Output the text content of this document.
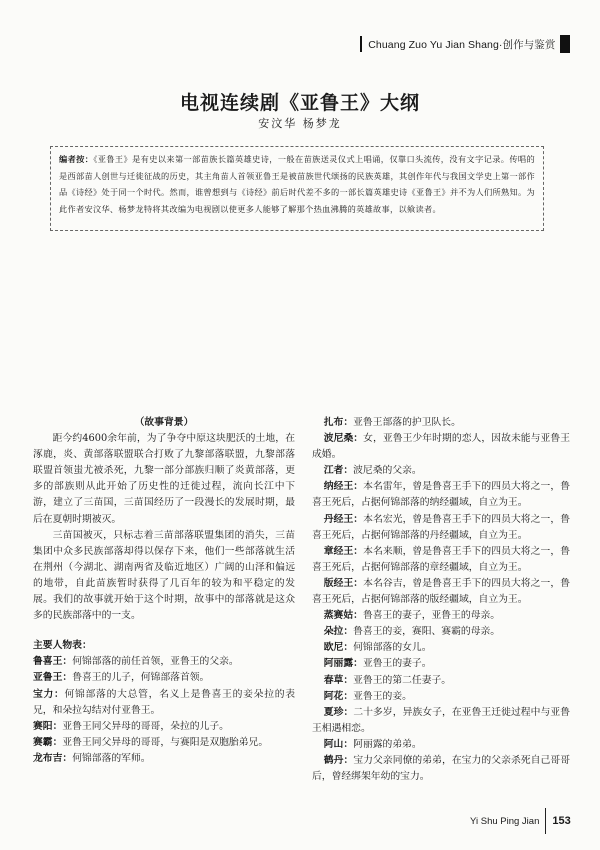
Chuang Zuo Yu Jian Shang·创作与鉴赏
电视连续剧《亚鲁王》大纲
安汶华 杨梦龙

编者按：《亚鲁王》是有史以来第一部苗族长篇英雄史诗，一般在苗族送灵仪式上唱诵，仅靠口头流传，没有文字记录。传唱的是西部苗人创世与迁徙征战的历史，其主角苗人首领亚鲁王是被苗族世代颂扬的民族英雄，其创作年代与我国文学史上第一部作品《诗经》处于同一个时代。然而，谁曾想到与《诗经》前后时代差不多的一部长篇英雄史诗《亚鲁王》并不为人们所熟知。为此作者安汶华、杨梦龙特将其改编为电视剧以使更多人能够了解那个热血沸腾的英雄故事，以飨读者。

（故事背景）

距今约4600余年前，为了争夺中原这块肥沃的土地，在涿鹿，炎、黄部落联盟联合打败了九黎部落联盟，九黎部落联盟首领蚩尤被杀死，九黎一部分部族归顺了炎黄部落，更多的部族则从此开始了历史性的迁徙过程，流向长江中下游，建立了三苗国，三苗国经历了一段漫长的发展时期，最后在夏朝时期被灭。

三苗国被灭，只标志着三苗部落联盟集团的消失，三苗集团中众多民族部落却得以保存下来，他们一些部落就生活在荆州（今湖北、湖南两省及临近地区）广阔的山泽和偏远的地带，自此苗族暂时获得了几百年的较为和平稳定的发展。我们的故事就开始于这个时期，故事中的部落就是这众多的民族部落中的一支。

主要人物表：

鲁喜王：何锦部落的前任首领，亚鲁王的父亲。

亚鲁王：鲁喜王的儿子，何锦部落首领。

宝力：何锦部落的大总管，名义上是鲁喜王的妾朵拉的表兄，和朵拉勾结对付亚鲁王。

赛阳：亚鲁王同父异母的哥哥，朵拉的儿子。

赛霸：亚鲁王同父异母的哥哥，与赛阳是双胞胎弟兄。

龙布吉：何锦部落的军师。

扎布：亚鲁王部落的护卫队长。

波尼桑：女，亚鲁王少年时期的恋人，因故未能与亚鲁王成婚。

江者：波尼桑的父亲。

纳经王：本名雷年，曾是鲁喜王手下的四员大将之一，鲁喜王死后，占据何锦部落的纳经疆域，自立为王。

丹经王：本名宏光，曾是鲁喜王手下的四员大将之一，鲁喜王死后，占据何锦部落的丹经疆域，自立为王。

章经王：本名来顺，曾是鲁喜王手下的四员大将之一，鲁喜王死后，占据何锦部落的章经疆域，自立为王。

版经王：本名谷吉，曾是鲁喜王手下的四员大将之一，鲁喜王死后，占据何锦部落的版经疆域，自立为王。

蒸赛姑：鲁喜王的妻子，亚鲁王的母亲。

朵拉：鲁喜王的妾，赛阳、赛霸的母亲。

欧尼：何锦部落的女儿。

阿丽露：亚鲁王的妻子。

春草：亚鲁王的第二任妻子。

阿花：亚鲁王的妾。

夏珍：二十多岁，异族女子，在亚鲁王迁徙过程中与亚鲁王相遇相恋。

阿山：阿丽露的弟弟。

鹤丹：宝力父亲同僚的弟弟，在宝力的父亲杀死自己哥哥后，曾经绑架年幼的宝力。

Yi Shu Ping Jian 153
